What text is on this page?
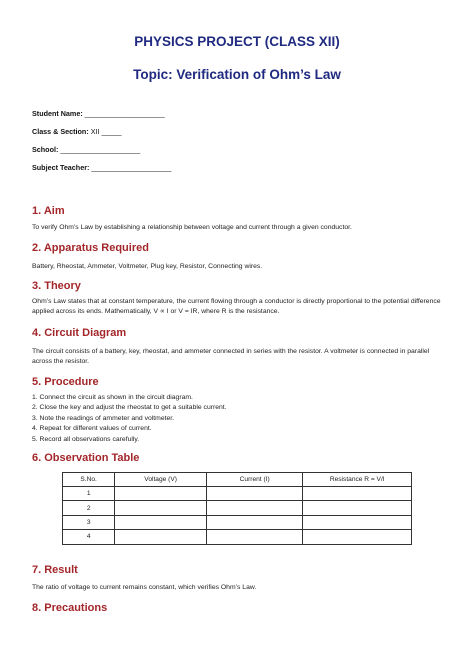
PHYSICS PROJECT (CLASS XII)
Topic: Verification of Ohm’s Law

Student Name: ____________________

Class & Section: XII _____

School: ____________________

Subject Teacher: ____________________

1. Aim

To verify Ohm’s Law by establishing a relationship between voltage and current through a given conductor.

2. Apparatus Required

Battery, Rheostat, Ammeter, Voltmeter, Plug key, Resistor, Connecting wires.

3. Theory

Ohm’s Law states that at constant temperature, the current flowing through a conductor is directly proportional to the potential difference applied across its ends. Mathematically, V ∝ I or V = IR, where R is the resistance.

4. Circuit Diagram

The circuit consists of a battery, key, rheostat, and ammeter connected in series with the resistor. A voltmeter is connected in parallel across the resistor.

5. Procedure
1. Connect the circuit as shown in the circuit diagram.
2. Close the key and adjust the rheostat to get a suitable current.
3. Note the readings of ammeter and voltmeter.
4. Repeat for different values of current.
5. Record all observations carefully.
6. Observation Table
S.No.	Voltage (V)	Current (I)	Resistance R = V/I
1			
2			
3			
4			
7. Result

The ratio of voltage to current remains constant, which verifies Ohm’s Law.

8. Precautions
